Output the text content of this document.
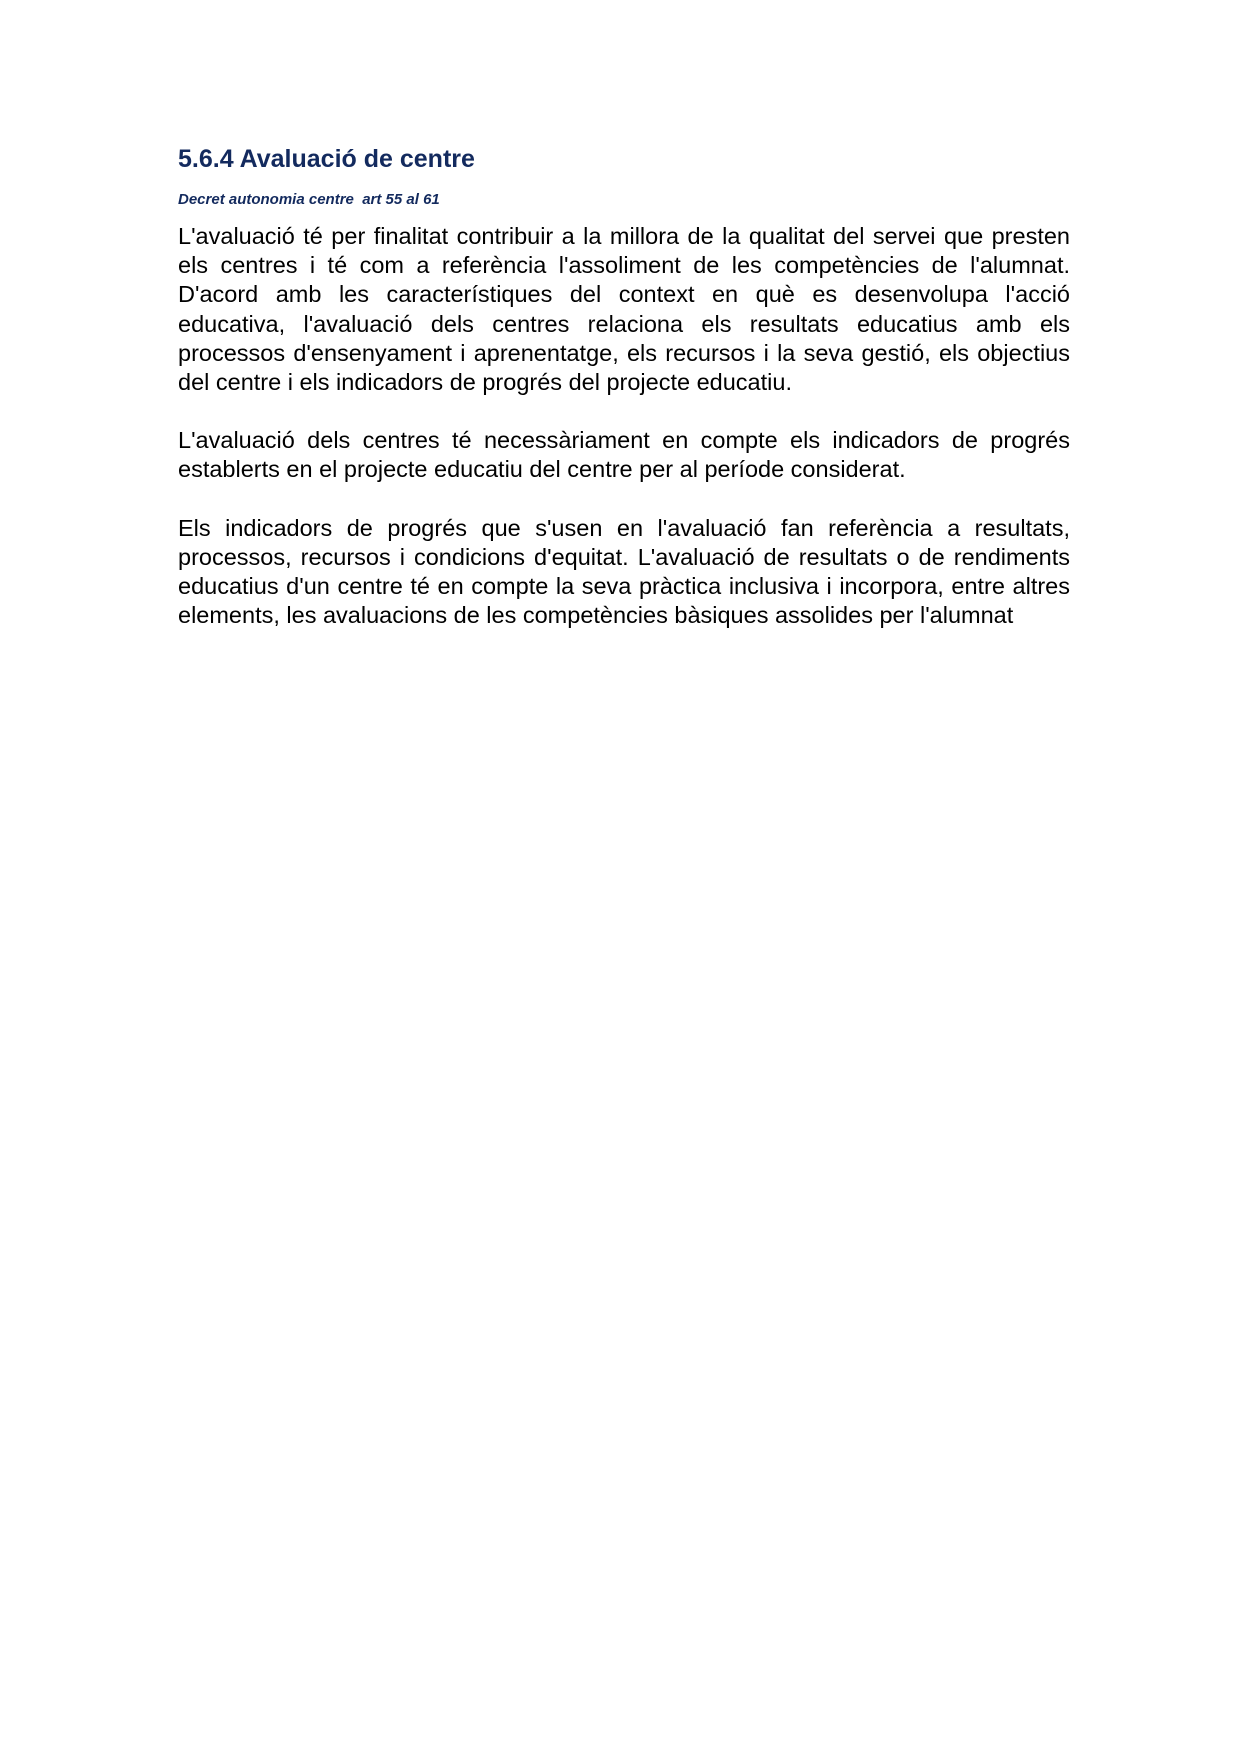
5.6.4 Avaluació de centre

Decret autonomia centre  art 55 al 61

L'avaluació té per finalitat contribuir a la millora de la qualitat del servei que presten els centres i té com a referència l'assoliment de les competències de l'alumnat. D'acord amb les característiques del context en què es desenvolupa l'acció educativa, l'avaluació dels centres relaciona els resultats educatius amb els processos d'ensenyament i aprenentatge, els recursos i la seva gestió, els objectius del centre i els indicadors de progrés del projecte educatiu.

L'avaluació dels centres té necessàriament en compte els indicadors de progrés establerts en el projecte educatiu del centre per al període considerat.

Els indicadors de progrés que s'usen en l'avaluació fan referència a resultats, processos, recursos i condicions d'equitat. L'avaluació de resultats o de rendiments educatius d'un centre té en compte la seva pràctica inclusiva i incorpora, entre altres elements, les avaluacions de les competències bàsiques assolides per l'alumnat
